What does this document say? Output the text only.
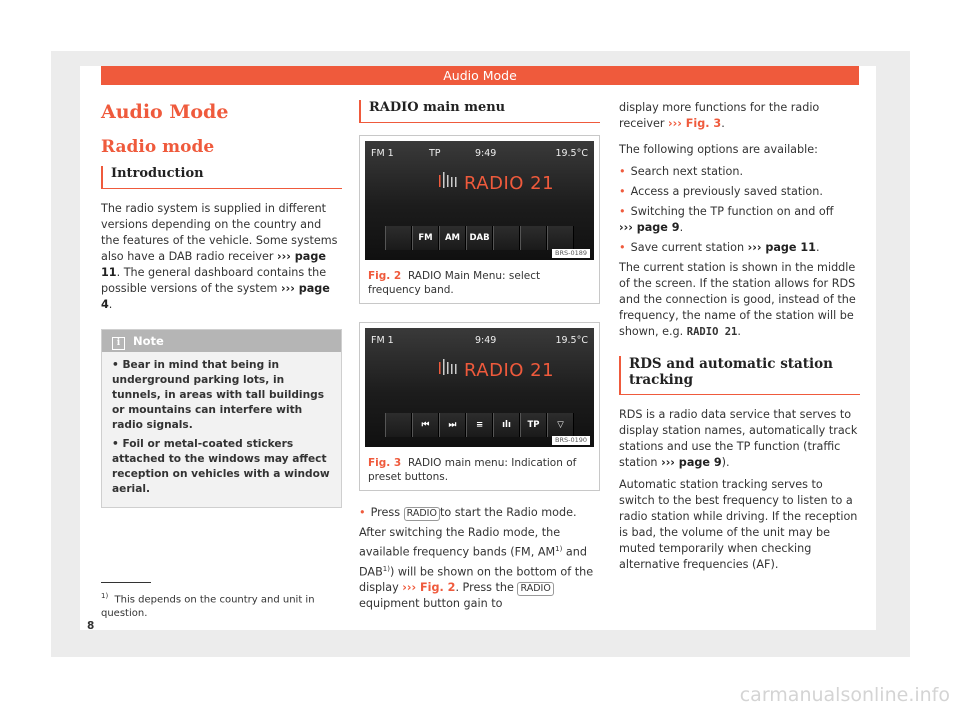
Audio Mode
Audio Mode
Radio mode
Introduction

The radio system is supplied in different versions depending on the country and the features of the vehicle. Some systems also have a DAB radio receiver ››› page 11. The general dashboard contains the possible versions of the system ››› page 4.

i Note

• Bear in mind that being in underground parking lots, in tunnels, in areas with tall buildings or mountains can interfere with radio signals.

• Foil or metal-coated stickers attached to the windows may affect reception on vehicles with a window aerial.

RADIO main menu
FM 1	TP	9:49	19.5°C
RADIO 21
FM	AM	DAB
BRS-0189
Fig. 2 RADIO Main Menu: select frequency band.
FM 1	9:49	19.5°C
RADIO 21
⏮	⏭	≡	ılı	TP	▽
BRS-0190
Fig. 3 RADIO main menu: Indication of preset buttons.
• Press RADIO to start the Radio mode.

After switching the Radio mode, the available frequency bands (FM, AM$^{1)}$ and DAB$^{1)}$) will be shown on the bottom of the display ››› Fig. 2. Press the RADIO equipment button gain to

display more functions for the radio receiver ››› Fig. 3.

The following options are available:

• Search next station.
• Access a previously saved station.
• Switching the TP function on and off
››› page 9.
• Save current station ››› page 11.

The current station is shown in the middle of the screen. If the station allows for RDS and the connection is good, instead of the frequency, the name of the station will be shown, e.g. RADIO 21.

RDS and automatic station tracking

RDS is a radio data service that serves to display station names, automatically track stations and use the TP function (traffic station ››› page 9).

Automatic station tracking serves to switch to the best frequency to listen to a radio station while driving. If the reception is bad, the volume of the unit may be muted temporarily when checking alternative frequencies (AF).

$^{1)}$ This depends on the country and unit in question.

8
carmanualsonline.info
